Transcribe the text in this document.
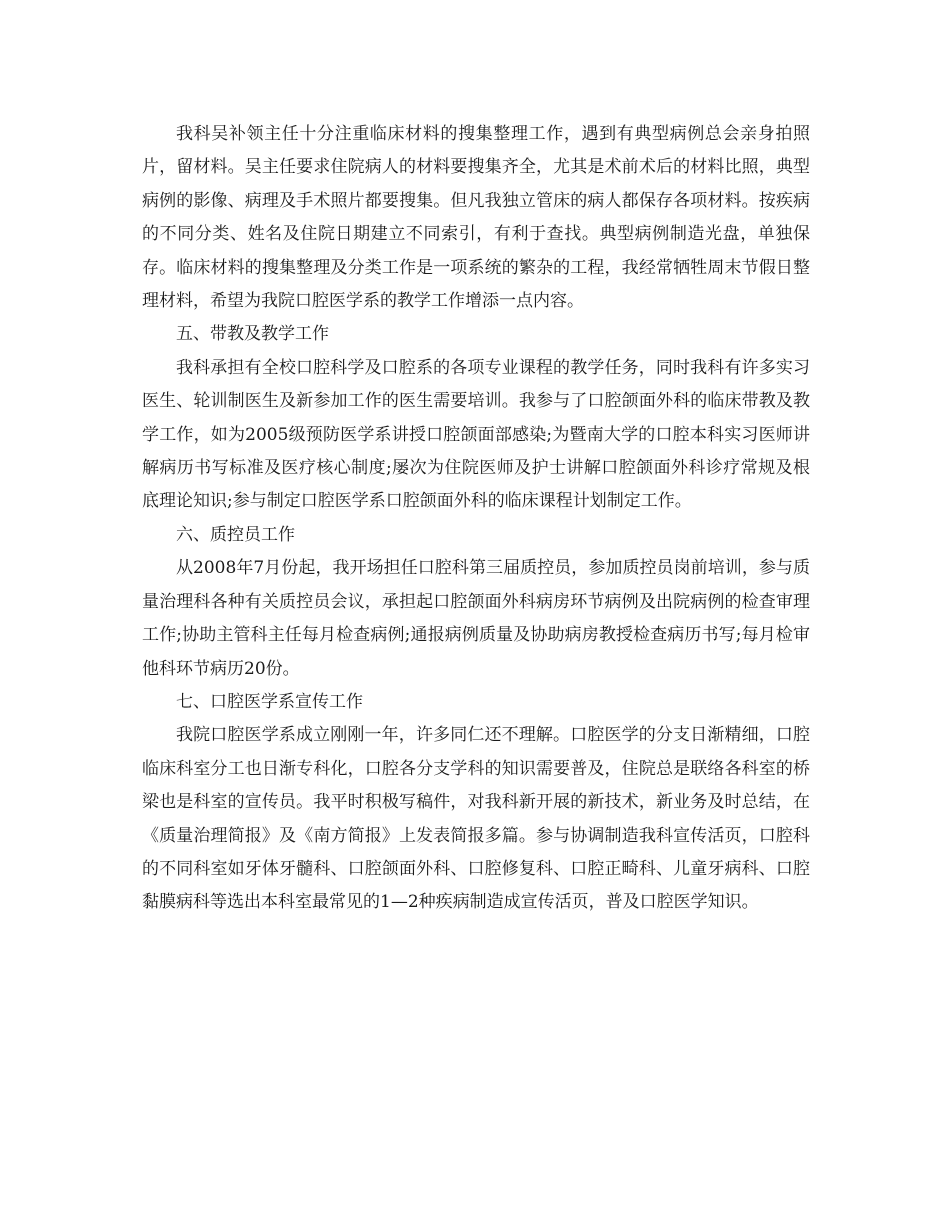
我科吴补领主任十分注重临床材料的搜集整理工作，遇到有典型病例总会亲身拍照片，留材料。吴主任要求住院病人的材料要搜集齐全，尤其是术前术后的材料比照，典型病例的影像、病理及手术照片都要搜集。但凡我独立管床的病人都保存各项材料。按疾病的不同分类、姓名及住院日期建立不同索引，有利于查找。典型病例制造光盘，单独保存。临床材料的搜集整理及分类工作是一项系统的繁杂的工程，我经常牺牲周末节假日整理材料，希望为我院口腔医学系的教学工作增添一点内容。

五、带教及教学工作

我科承担有全校口腔科学及口腔系的各项专业课程的教学任务，同时我科有许多实习医生、轮训制医生及新参加工作的医生需要培训。我参与了口腔颌面外科的临床带教及教学工作，如为2005级预防医学系讲授口腔颌面部感染;为暨南大学的口腔本科实习医师讲解病历书写标准及医疗核心制度;屡次为住院医师及护士讲解口腔颌面外科诊疗常规及根底理论知识;参与制定口腔医学系口腔颌面外科的临床课程计划制定工作。

六、质控员工作

从2008年7月份起，我开场担任口腔科第三届质控员，参加质控员岗前培训，参与质量治理科各种有关质控员会议，承担起口腔颌面外科病房环节病例及出院病例的检查审理工作;协助主管科主任每月检查病例;通报病例质量及协助病房教授检查病历书写;每月检审他科环节病历20份。

七、口腔医学系宣传工作

我院口腔医学系成立刚刚一年，许多同仁还不理解。口腔医学的分支日渐精细，口腔临床科室分工也日渐专科化，口腔各分支学科的知识需要普及，住院总是联络各科室的桥梁也是科室的宣传员。我平时积极写稿件，对我科新开展的新技术，新业务及时总结，在《质量治理简报》及《南方简报》上发表简报多篇。参与协调制造我科宣传活页，口腔科的不同科室如牙体牙髓科、口腔颌面外科、口腔修复科、口腔正畸科、儿童牙病科、口腔黏膜病科等选出本科室最常见的1—2种疾病制造成宣传活页，普及口腔医学知识。
